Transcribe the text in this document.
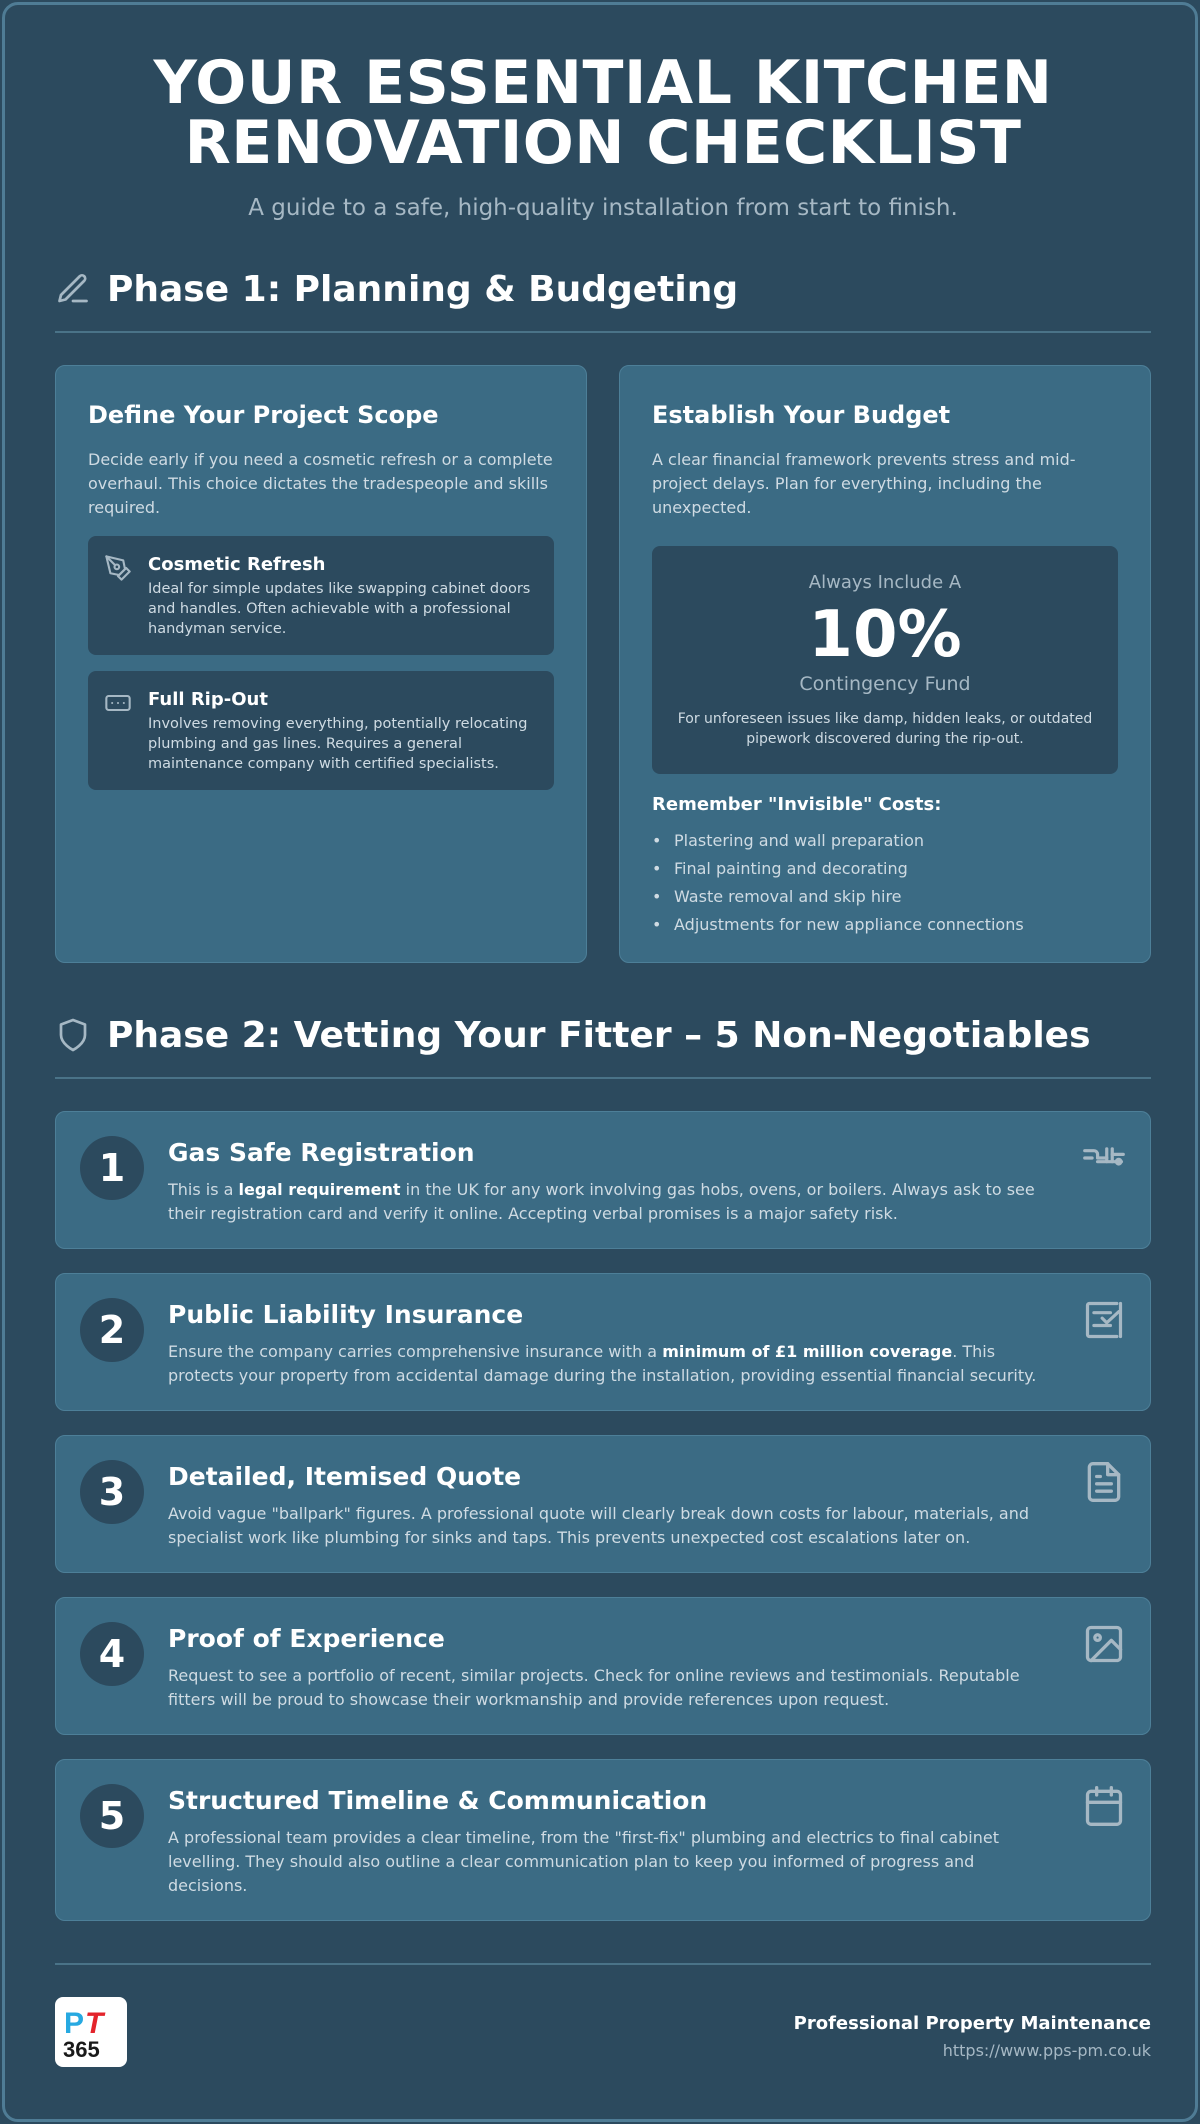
YOUR ESSENTIAL KITCHEN
RENOVATION CHECKLIST
A guide to a safe, high-quality installation from start to finish.
Phase 1: Planning & Budgeting
Define Your Project Scope
Decide early if you need a cosmetic refresh or a complete overhaul. This choice dictates the tradespeople and skills required.
Cosmetic Refresh
Ideal for simple updates like swapping cabinet doors and handles. Often achievable with a professional handyman service.
Full Rip-Out
Involves removing everything, potentially relocating plumbing and gas lines. Requires a general maintenance company with certified specialists.
Establish Your Budget
A clear financial framework prevents stress and mid-project delays. Plan for everything, including the unexpected.
Always Include A
10%
Contingency Fund
For unforeseen issues like damp, hidden leaks, or outdated pipework discovered during the rip-out.
Remember "Invisible" Costs:
• Plastering and wall preparation
• Final painting and decorating
• Waste removal and skip hire
• Adjustments for new appliance connections
Phase 2: Vetting Your Fitter – 5 Non-Negotiables
1	Gas Safe Registration
This is a legal requirement in the UK for any work involving gas hobs, ovens, or boilers. Always ask to see their registration card and verify it online. Accepting verbal promises is a major safety risk.
2	Public Liability Insurance
Ensure the company carries comprehensive insurance with a minimum of £1 million coverage. This protects your property from accidental damage during the installation, providing essential financial security.
3	Detailed, Itemised Quote
Avoid vague "ballpark" figures. A professional quote will clearly break down costs for labour, materials, and specialist work like plumbing for sinks and taps. This prevents unexpected cost escalations later on.
4	Proof of Experience
Request to see a portfolio of recent, similar projects. Check for online reviews and testimonials. Reputable fitters will be proud to showcase their workmanship and provide references upon request.
5	Structured Timeline & Communication
A professional team provides a clear timeline, from the "first-fix" plumbing and electrics to final cabinet levelling. They should also outline a clear communication plan to keep you informed of progress and decisions.
P T
365
Professional Property Maintenance
https://www.pps-pm.co.uk
